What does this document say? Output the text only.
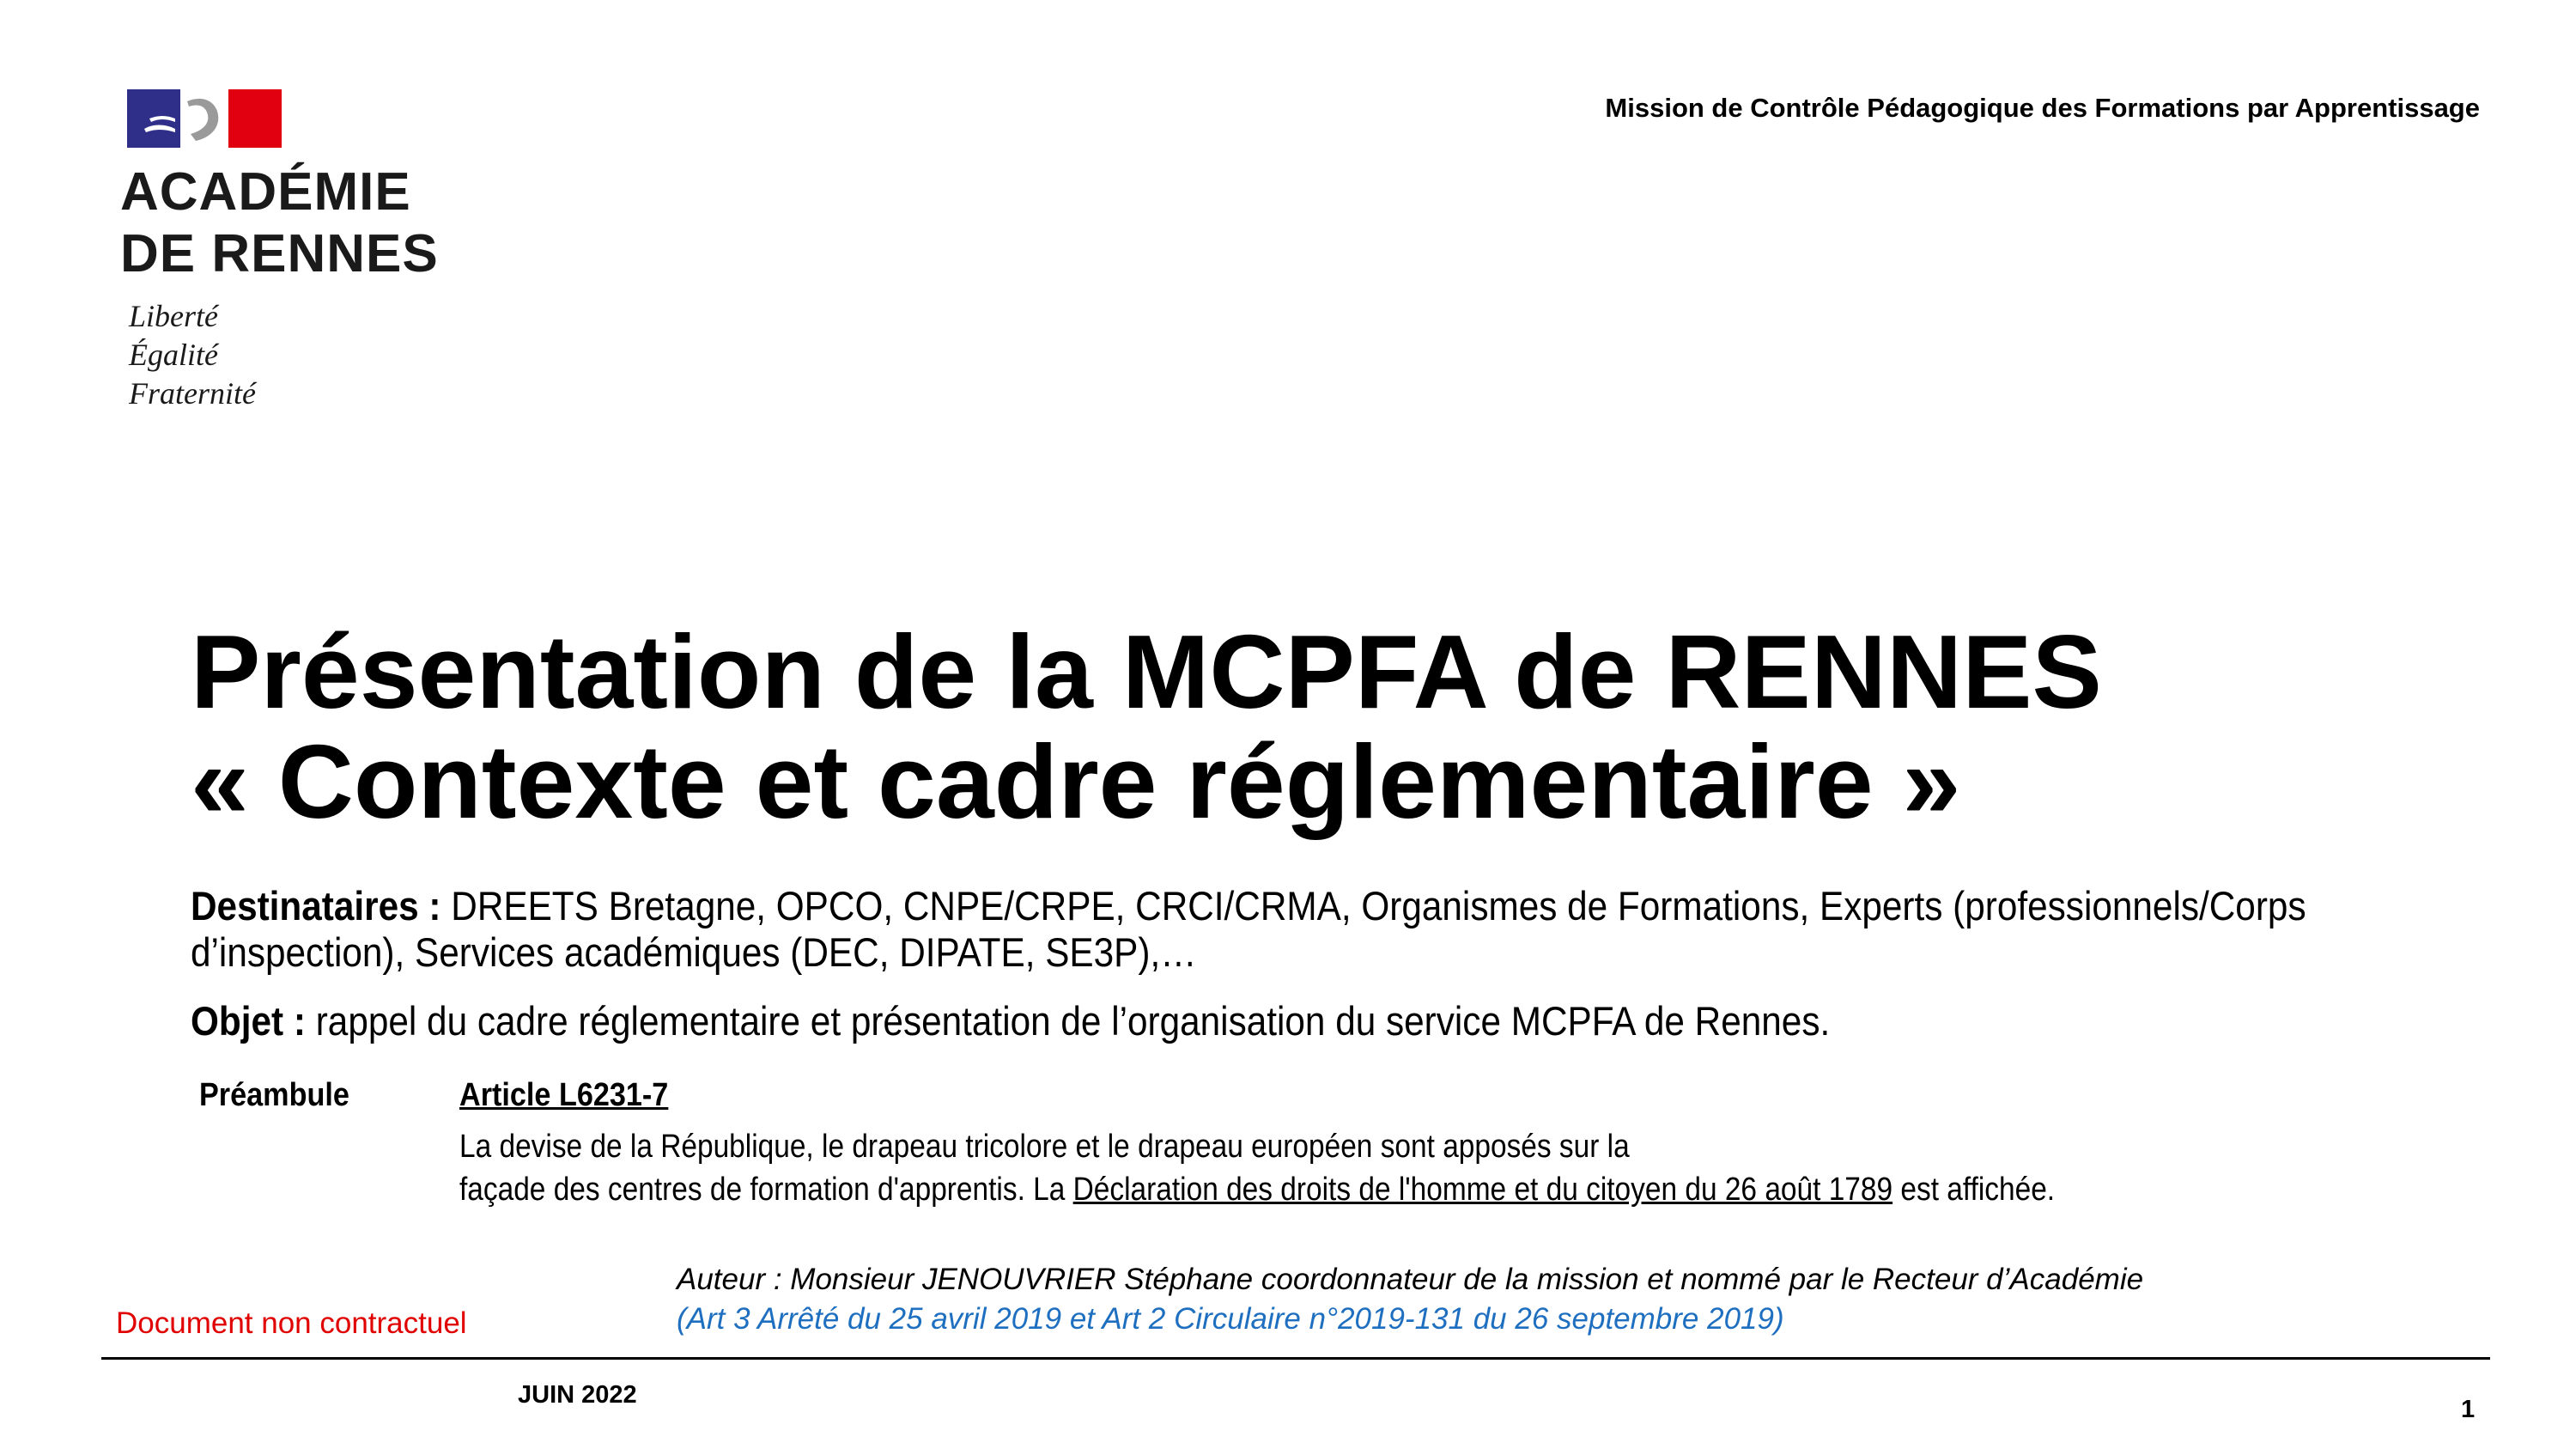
ACADÉMIE
DE RENNES
Liberté
Égalité
Fraternité
Mission de Contrôle Pédagogique des Formations par Apprentissage
Présentation de la MCPFA de RENNES
« Contexte et cadre réglementaire »
Destinataires : DREETS Bretagne, OPCO, CNPE/CRPE, CRCI/CRMA, Organismes de Formations, Experts (professionnels/Corps d’inspection), Services académiques (DEC, DIPATE, SE3P),…
Objet : rappel du cadre réglementaire et présentation de l’organisation du service MCPFA de Rennes.
Préambule	Article L6231-7
La devise de la République, le drapeau tricolore et le drapeau européen sont apposés sur la
façade des centres de formation d'apprentis. La Déclaration des droits de l'homme et du citoyen du 26 août 1789 est affichée.
Auteur : Monsieur JENOUVRIER Stéphane coordonnateur de la mission et nommé par le Recteur d’Académie
(Art 3 Arrêté du 25 avril 2019 et Art 2 Circulaire n°2019-131 du 26 septembre 2019)
Document non contractuel
JUIN 2022
1
